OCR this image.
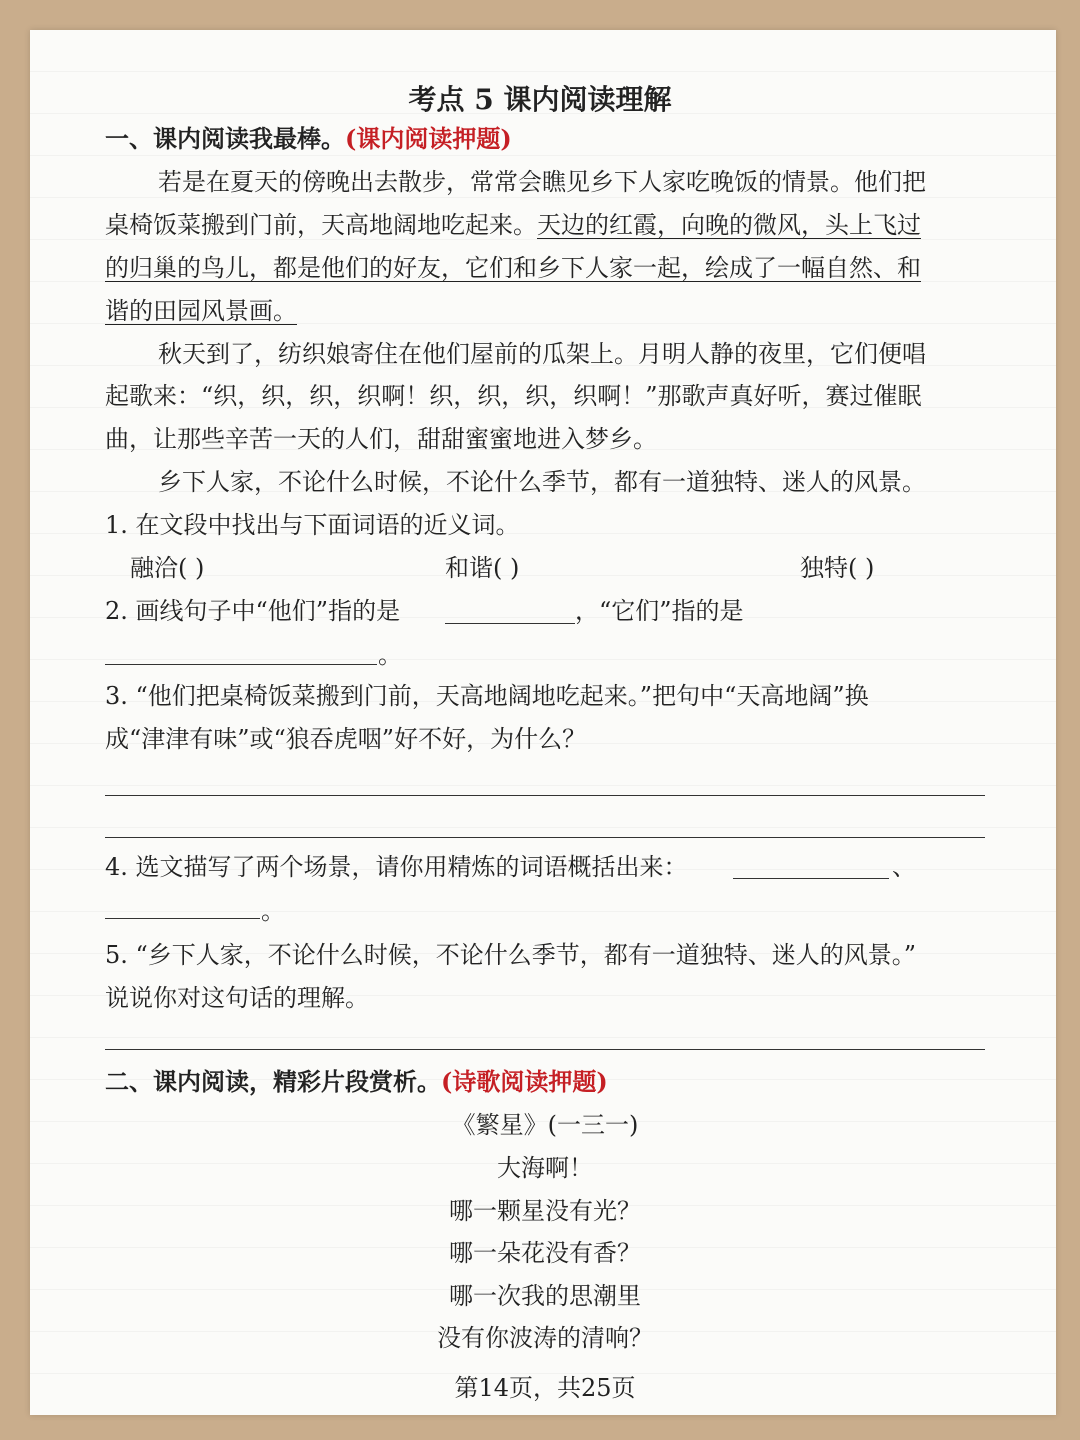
考点 5 课内阅读理解
一、课内阅读我最棒。(课内阅读押题)
若是在夏天的傍晚出去散步，常常会瞧见乡下人家吃晚饭的情景。他们把
桌椅饭菜搬到门前，天高地阔地吃起来。天边的红霞，向晚的微风，头上飞过
的归巢的鸟儿，都是他们的好友，它们和乡下人家一起，绘成了一幅自然、和
谐的田园风景画。
秋天到了，纺织娘寄住在他们屋前的瓜架上。月明人静的夜里，它们便唱
起歌来：“织，织，织，织啊！织，织，织，织啊！”那歌声真好听，赛过催眠
曲，让那些辛苦一天的人们，甜甜蜜蜜地进入梦乡。
乡下人家，不论什么时候，不论什么季节，都有一道独特、迷人的风景。
1. 在文段中找出与下面词语的近义词。
融洽( )	和谐( )	独特( )
2. 画线句子中“他们”指的是	，“它们”指的是
。
3. “他们把桌椅饭菜搬到门前，天高地阔地吃起来。”把句中“天高地阔”换
成“津津有味”或“狼吞虎咽”好不好，为什么？
4. 选文描写了两个场景，请你用精炼的词语概括出来：	、
。
5. “乡下人家，不论什么时候，不论什么季节，都有一道独特、迷人的风景。”
说说你对这句话的理解。
二、课内阅读，精彩片段赏析。(诗歌阅读押题)
《繁星》(一三一)
大海啊！
哪一颗星没有光？
哪一朵花没有香？
哪一次我的思潮里
没有你波涛的清响？
第14页，共25页
